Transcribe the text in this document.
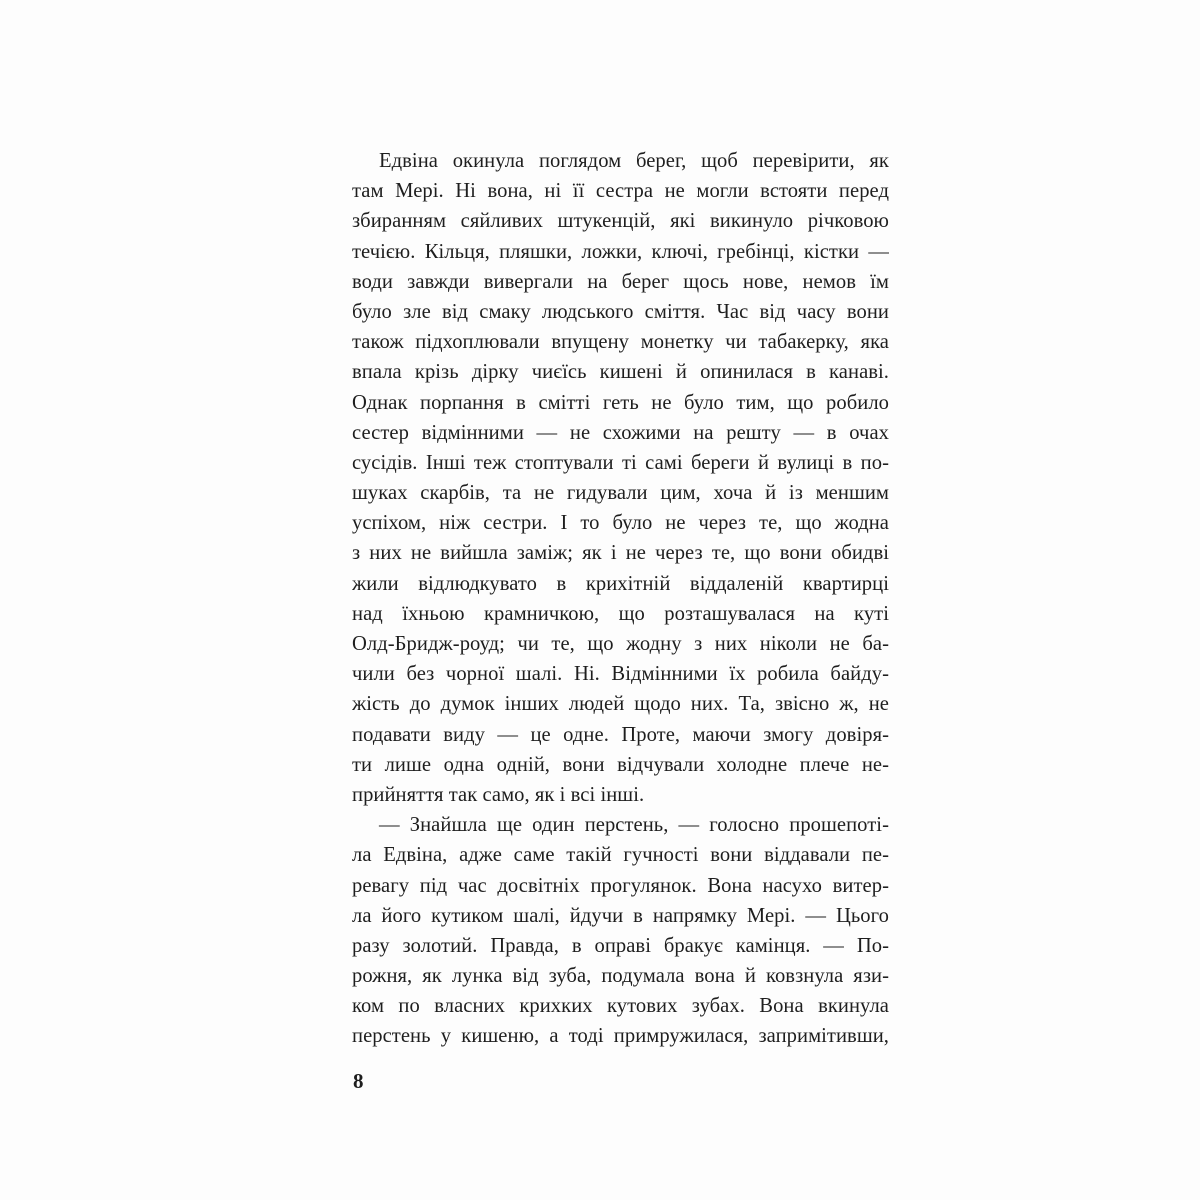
Едвіна окинула поглядом берег, щоб перевірити, як
там Мері. Ні вона, ні її сестра не могли встояти перед
збиранням сяйливих штукенцій, які викинуло річковою
течією. Кільця, пляшки, ложки, ключі, гребінці, кістки —
води завжди вивергали на берег щось нове, немов їм
було зле від смаку людського сміття. Час від часу вони
також підхоплювали впущену монетку чи табакерку, яка
впала крізь дірку чиєїсь кишені й опинилася в канаві.
Однак порпання в смітті геть не було тим, що робило
сестер відмінними — не схожими на решту — в очах
сусідів. Інші теж стоптували ті самі береги й вулиці в по-
шуках скарбів, та не гидували цим, хоча й із меншим
успіхом, ніж сестри. І то було не через те, що жодна
з них не вийшла заміж; як і не через те, що вони обидві
жили відлюдкувато в крихітній віддаленій квартирці
над їхньою крамничкою, що розташувалася на куті
Олд-Бридж-роуд; чи те, що жодну з них ніколи не ба-
чили без чорної шалі. Ні. Відмінними їх робила байду-
жість до думок інших людей щодо них. Та, звісно ж, не
подавати виду — це одне. Проте, маючи змогу довіря-
ти лише одна одній, вони відчували холодне плече не-
прийняття так само, як і всі інші.
— Знайшла ще один перстень, — голосно прошепоті-
ла Едвіна, адже саме такій гучності вони віддавали пе-
ревагу під час досвітніх прогулянок. Вона насухо витер-
ла його кутиком шалі, йдучи в напрямку Мері. — Цього
разу золотий. Правда, в оправі бракує камінця. — По-
рожня, як лунка від зуба, подумала вона й ковзнула язи-
ком по власних крихких кутових зубах. Вона вкинула
перстень у кишеню, а тоді примружилася, запримітивши,
8
